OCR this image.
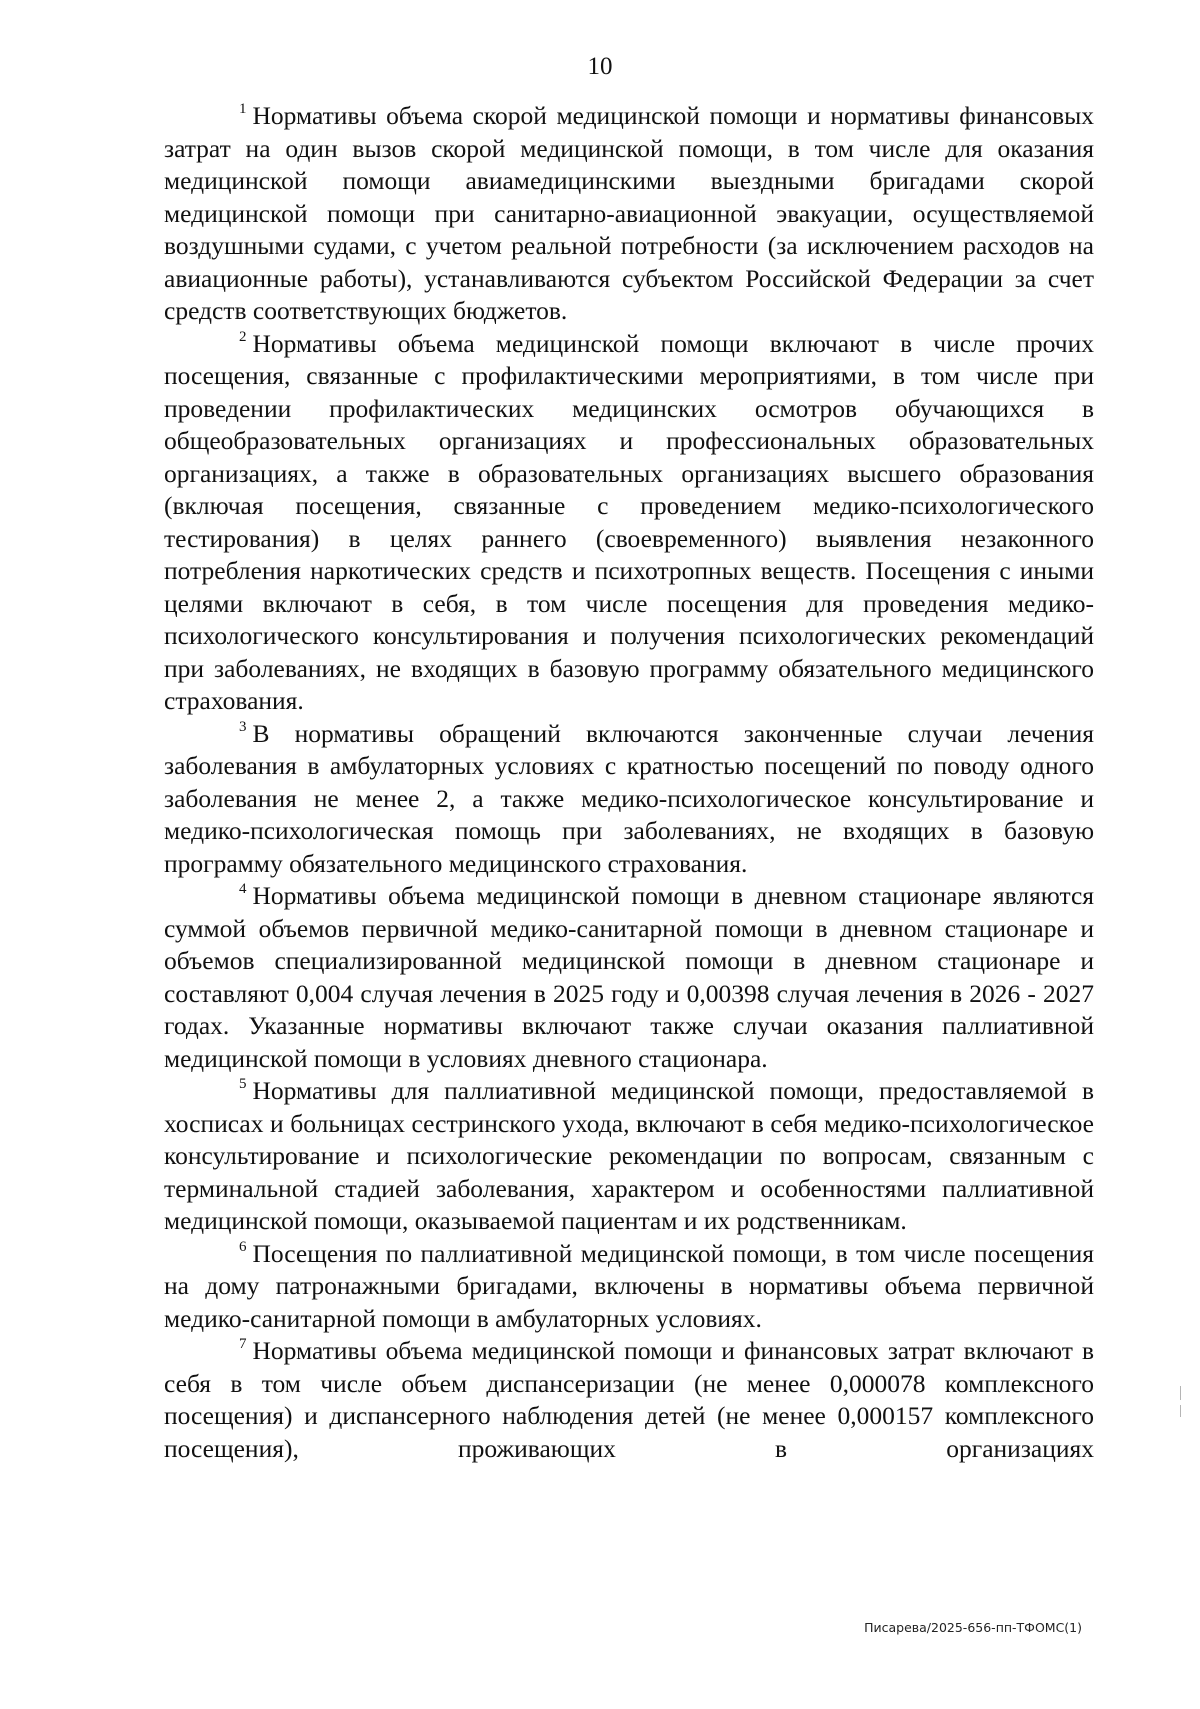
10

$^1$ Нормативы объема скорой медицинской помощи и нормативы финансовых затрат на один вызов скорой медицинской помощи, в том числе для оказания медицинской помощи авиамедицинскими выездными бригадами скорой медицинской помощи при санитарно-авиационной эвакуации, осуществляемой воздушными судами, с учетом реальной потребности (за исключением расходов на авиационные работы), устанавливаются субъектом Российской Федерации за счет средств соответствующих бюджетов.

$^2$ Нормативы объема медицинской помощи включают в числе прочих посещения, связанные с профилактическими мероприятиями, в том числе при проведении профилактических медицинских осмотров обучающихся в общеобразовательных организациях и профессиональных образовательных организациях, а также в образовательных организациях высшего образования (включая посещения, связанные с проведением медико-психологического тестирования) в целях раннего (своевременного) выявления незаконного потребления наркотических средств и психотропных веществ. Посещения с иными целями включают в себя, в том числе посещения для проведения медико-психологического консультирования и получения психологических рекомендаций при заболеваниях, не входящих в базовую программу обязательного медицинского страхования.

$^3$ В нормативы обращений включаются законченные случаи лечения заболевания в амбулаторных условиях с кратностью посещений по поводу одного заболевания не менее 2, а также медико-психологическое консультирование и медико-психологическая помощь при заболеваниях, не входящих в базовую программу обязательного медицинского страхования.

$^4$ Нормативы объема медицинской помощи в дневном стационаре являются суммой объемов первичной медико-санитарной помощи в дневном стационаре и объемов специализированной медицинской помощи в дневном стационаре и составляют 0,004 случая лечения в 2025 году и 0,00398 случая лечения в 2026 - 2027 годах. Указанные нормативы включают также случаи оказания паллиативной медицинской помощи в условиях дневного стационара.

$^5$ Нормативы для паллиативной медицинской помощи, предоставляемой в хосписах и больницах сестринского ухода, включают в себя медико-психологическое консультирование и психологические рекомендации по вопросам, связанным с терминальной стадией заболевания, характером и особенностями паллиативной медицинской помощи, оказываемой пациентам и их родственникам.

$^6$ Посещения по паллиативной медицинской помощи, в том числе посещения на дому патронажными бригадами, включены в нормативы объема первичной медико-санитарной помощи в амбулаторных условиях.

$^7$ Нормативы объема медицинской помощи и финансовых затрат включают в себя в том числе объем диспансеризации (не менее 0,000078 комплексного посещения) и диспансерного наблюдения детей (не менее 0,000157 комплексного посещения), проживающих в организациях

Писарева/2025-656-пп-ТФОМС(1)
